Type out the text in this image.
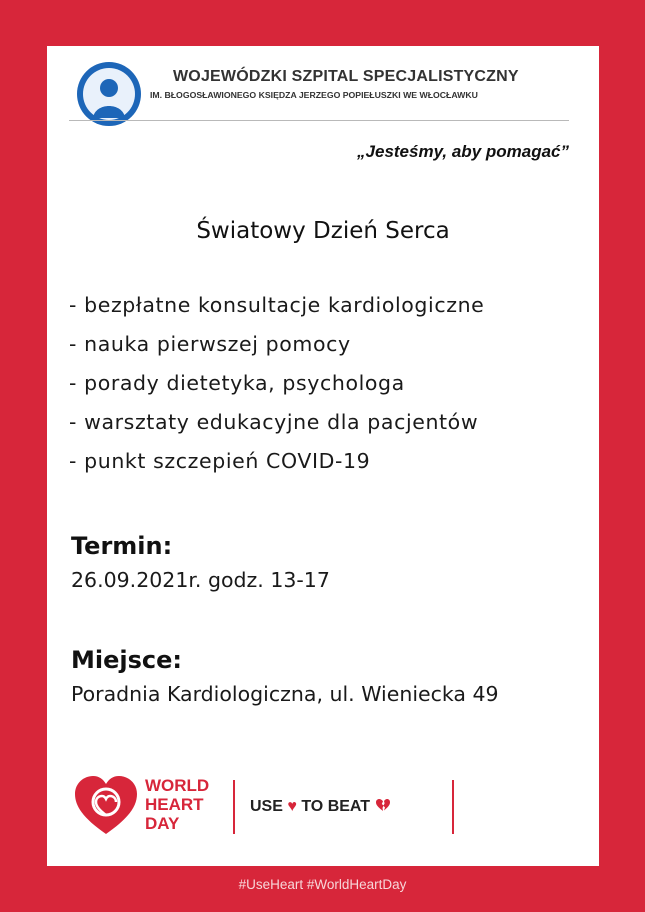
WOJEWÓDZKI SZPITAL SPECJALISTYCZNY
IM. BŁOGOSŁAWIONEGO KSIĘDZA JERZEGO POPIEŁUSZKI WE WŁOCŁAWKU
„Jesteśmy, aby pomagać”
Światowy Dzień Serca
- bezpłatne konsultacje kardiologiczne
- nauka pierwszej pomocy
- porady dietetyka, psychologa
- warsztaty edukacyjne dla pacjentów
- punkt szczepień COVID-19
Termin:
26.09.2021r. godz. 13-17
Miejsce:
Poradnia Kardiologiczna, ul. Wieniecka 49
WORLD
HEART
DAY
USE ♥ TO BEAT
#UseHeart #WorldHeartDay
